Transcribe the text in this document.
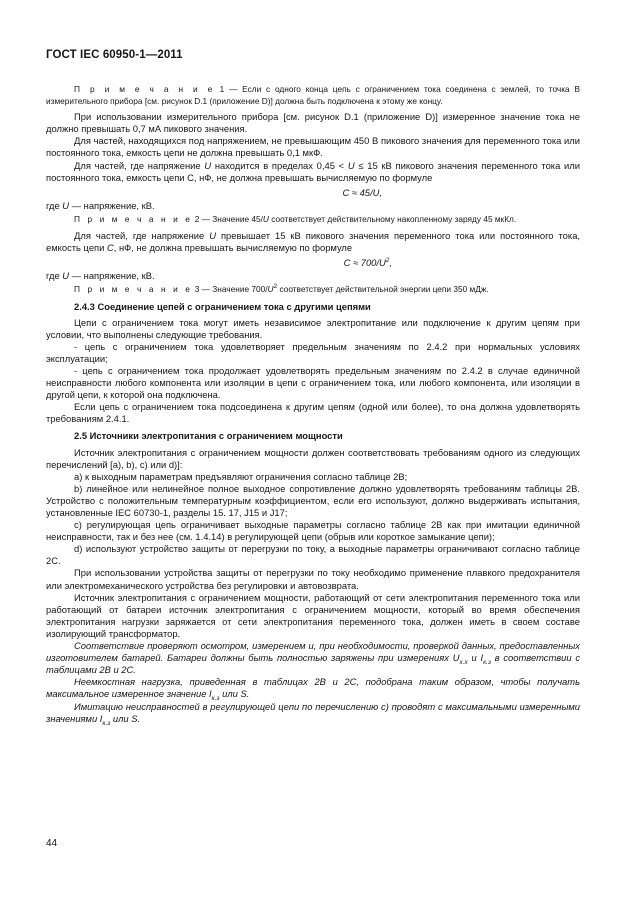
ГОСТ IEC 60950-1—2011

П р и м е ч а н и е 1 — Если с одного конца цепь с ограничением тока соединена с землей, то точка В измерительного прибора [см. рисунок D.1 (приложение D)] должна быть подключена к этому же концу.

При использовании измерительного прибора [см. рисунок D.1 (приложение D)] измеренное значение тока не должно превышать 0,7 мА пикового значения.

Для частей, находящихся под напряжением, не превышающим 450 В пикового значения для переменного тока или постоянного тока, емкость цепи не должна превышать 0,1 мкФ.

Для частей, где напряжение U находится в пределах 0,45 < U ≤ 15 кВ пикового значения переменного тока или постоянного тока, емкость цепи C, нФ, не должна превышать вычисляемую по формуле

C ≈ 45/U,

где U — напряжение, кВ.

П р и м е ч а н и е 2 — Значение 45/U соответствует действительному накопленному заряду 45 мкКл.

Для частей, где напряжение U превышает 15 кВ пикового значения переменного тока или постоянного тока, емкость цепи C, нФ, не должна превышать вычисляемую по формуле

$C \approx 700/U^2$,

где U — напряжение, кВ.

П р и м е ч а н и е 3 — Значение $700/U^2$ соответствует действительной энергии цепи 350 мДж.

2.4.3 Соединение цепей с ограничением тока с другими цепями

Цепи с ограничением тока могут иметь независимое электропитание или подключение к другим цепям при условии, что выполнены следующие требования.

- цепь с ограничением тока удовлетворяет предельным значениям по 2.4.2 при нормальных условиях эксплуатации;

- цепь с ограничением тока продолжает удовлетворять предельным значениям по 2.4.2 в случае единичной неисправности любого компонента или изоляции в цепи с ограничением тока, или любого компонента, или изоляции в другой цепи, к которой она подключена.

Если цепь с ограничением тока подсоединена к другим цепям (одной или более), то она должна удовлетворять требованиям 2.4.1.

2.5 Источники электропитания с ограничением мощности

Источник электропитания с ограничением мощности должен соответствовать требованиям одного из следующих перечислений [a), b), c) или d)]:

a) к выходным параметрам предъявляют ограничения согласно таблице 2B;

b) линейное или нелинейное полное выходное сопротивление должно удовлетворять требованиям таблицы 2B. Устройство с положительным температурным коэффициентом, если его используют, должно выдерживать испытания, установленные IEC 60730-1, разделы 15. 17, J15 и J17;

c) регулирующая цепь ограничивает выходные параметры согласно таблице 2B как при имитации единичной неисправности, так и без нее (см. 1.4.14) в регулирующей цепи (обрыв или короткое замыкание цепи);

d) используют устройство защиты от перегрузки по току, а выходные параметры ограничивают согласно таблице 2C.

При использовании устройства защиты от перегрузки по току необходимо применение плавкого предохранителя или электромеханического устройства без регулировки и автовозврата.

Источник электропитания с ограничением мощности, работающий от сети электропитания переменного тока или работающий от батареи источник электропитания с ограничением мощности, который во время обеспечения электропитания нагрузки заряжается от сети электропитания переменного тока, должен иметь в своем составе изолирующий трансформатор.

Соответствие проверяют осмотром, измерением и, при необходимости, проверкой данных, предоставленных изготовителем батарей. Батареи должны быть полностью заряжены при измерениях $U_{х.х}$ и $I_{к.з}$ в соответствии с таблицами 2B и 2C.

Неемкостная нагрузка, приведенная в таблицах 2B и 2C, подобрана таким образом, чтобы получать максимальное измеренное значение $I_{к.з}$ или S.

Имитацию неисправностей в регулирующей цепи по перечислению c) проводят с максимальными измеренными значениями $I_{к.з}$ или S.

44
